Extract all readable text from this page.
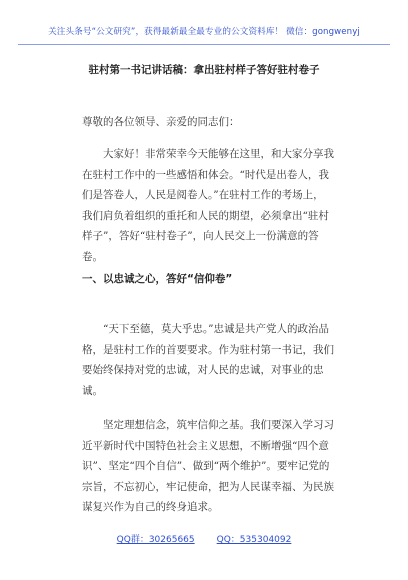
关注头条号“公文研究”，获得最新最全最专业的公文资料库！ 微信：gongwenyj
驻村第一书记讲话稿：拿出驻村样子答好驻村卷子

尊敬的各位领导、亲爱的同志们：

大家好！非常荣幸今天能够在这里，和大家分享我在驻村工作中的一些感悟和体会。“时代是出卷人，我们是答卷人，人民是阅卷人。”在驻村工作的考场上，我们肩负着组织的重托和人民的期望，必须拿出“驻村样子”，答好“驻村卷子”，向人民交上一份满意的答卷。

一、以忠诚之心，答好“信仰卷”

“天下至德，莫大乎忠。”忠诚是共产党人的政治品格，是驻村工作的首要要求。作为驻村第一书记，我们要始终保持对党的忠诚，对人民的忠诚，对事业的忠诚。

坚定理想信念，筑牢信仰之基。我们要深入学习习近平新时代中国特色社会主义思想，不断增强“四个意识”、坚定“四个自信”、做到“两个维护”。要牢记党的宗旨，不忘初心，牢记使命，把为人民谋幸福、为民族谋复兴作为自己的终身追求。

QQ群：30265665 QQ：535304092
